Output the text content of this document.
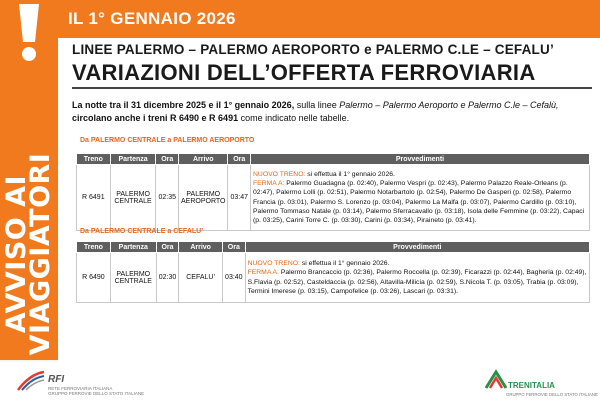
AVVISO AI
VIAGGIATORI
IL 1° GENNAIO 2026
LINEE PALERMO – PALERMO AEROPORTO e PALERMO C.LE – CEFALU’
VARIAZIONI DELL’OFFERTA FERROVIARIA
La notte tra il 31 dicembre 2025 e il 1° gennaio 2026, sulla linee Palermo – Palermo Aeroporto e Palermo C.le – Cefalù,
circolano anche i treni R 6490 e R 6491 come indicato nelle tabelle.
Da PALERMO CENTRALE a PALERMO AEROPORTO
Treno	Partenza	Ora	Arrivo	Ora	Provvedimenti
R 6491	PALERMO CENTRALE	02:35	PALERMO AEROPORTO	03:47	NUOVO TRENO: si effettua il 1° gennaio 2026.
FERMA A: Palermo Guadagna (p. 02:40), Palermo Vespri (p. 02:43), Palermo Palazzo Reale-Orleans (p. 02:47), Palermo Lolli (p. 02:51), Palermo Notarbartolo (p. 02:54), Palermo De Gasperi (p. 02:58), Palermo Francia (p. 03:01), Palermo S. Lorenzo (p. 03:04), Palermo La Malfa (p. 03:07), Palermo Cardillo (p. 03:10), Palermo Tommaso Natale (p. 03:14), Palermo Sferracavallo (p. 03:18), Isola delle Femmine (p. 03:22), Capaci (p. 03:25), Carini Torre C. (p. 03:30), Carini (p. 03:34), Piraineto (p. 03:41).
Da PALERMO CENTRALE a CEFALU’
Treno	Partenza	Ora	Arrivo	Ora	Provvedimenti
R 6490	PALERMO CENTRALE	02:30	CEFALU’	03:40	NUOVO TRENO: si effettua il 1° gennaio 2026.
FERMA A: Palermo Brancaccio (p. 02:36), Palermo Roccella (p. 02:39), Ficarazzi (p. 02:44), Bagheria (p. 02:49), S.Flavia (p. 02:52), Casteldaccia (p. 02:56), Altavilla-Milicia (p. 02:59), S.Nicola T. (p. 03:05), Trabia (p. 03:09), Termini Imerese (p. 03:15), Campofelice (p. 03:26), Lascari (p. 03:31).
RFI
RETE FERROVIARIA ITALIANA
GRUPPO FERROVIE DELLO STATO ITALIANE
TRENITALIA
GRUPPO FERROVIE DELLO STATO ITALIANE
